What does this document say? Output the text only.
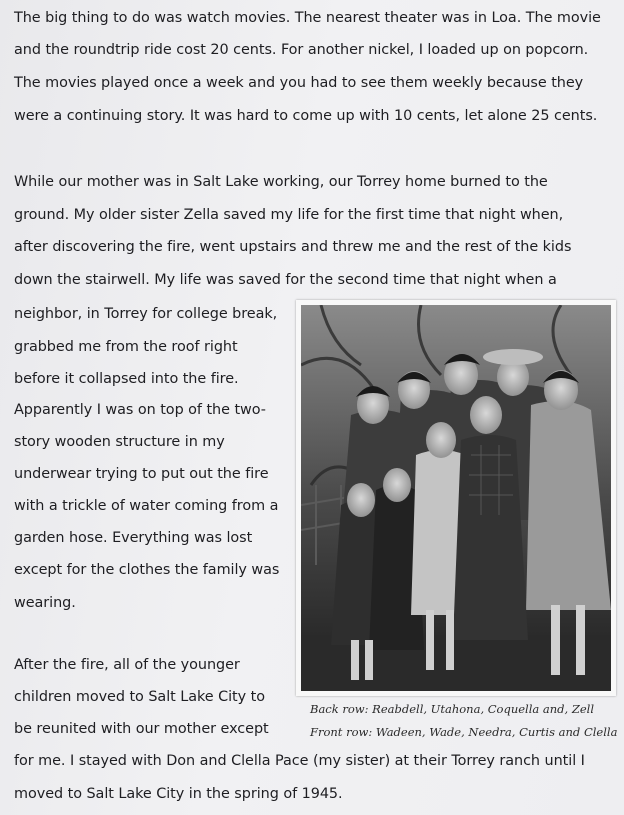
The big thing to do was watch movies. The nearest theater was in Loa. The movie
and the roundtrip ride cost 20 cents. For another nickel, I loaded up on popcorn.
The movies played once a week and you had to see them weekly because they
were a continuing story. It was hard to come up with 10 cents, let alone 25 cents.
While our mother was in Salt Lake working, our Torrey home burned to the
ground. My older sister Zella saved my life for the first time that night when,
after discovering the fire, went upstairs and threw me and the rest of the kids
down the stairwell. My life was saved for the second time that night when a
neighbor, in Torrey for college break,
grabbed me from the roof right
before it collapsed into the fire.
Apparently I was on top of the two-
story wooden structure in my
underwear trying to put out the fire
with a trickle of water coming from a
garden hose. Everything was lost
except for the clothes the family was
wearing.
After the fire, all of the younger
children moved to Salt Lake City to
be reunited with our mother except
for me. I stayed with Don and Clella Pace (my sister) at their Torrey ranch until I
moved to Salt Lake City in the spring of 1945.
Back row: Reabdell, Utahona, Coquella and, Zell
Front row: Wadeen, Wade, Needra, Curtis and Clella
